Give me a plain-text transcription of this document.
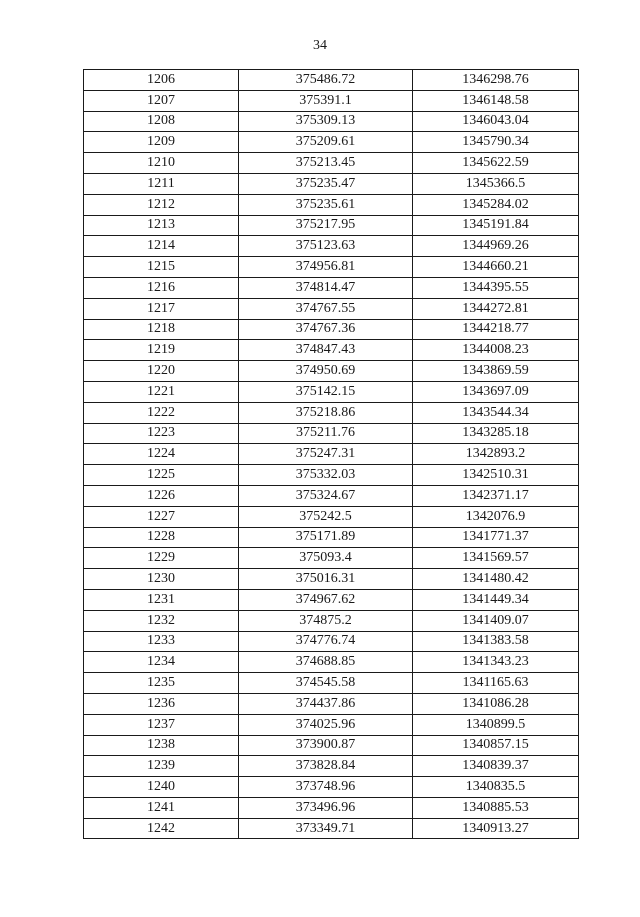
34
1206	375486.72	1346298.76
1207	375391.1	1346148.58
1208	375309.13	1346043.04
1209	375209.61	1345790.34
1210	375213.45	1345622.59
1211	375235.47	1345366.5
1212	375235.61	1345284.02
1213	375217.95	1345191.84
1214	375123.63	1344969.26
1215	374956.81	1344660.21
1216	374814.47	1344395.55
1217	374767.55	1344272.81
1218	374767.36	1344218.77
1219	374847.43	1344008.23
1220	374950.69	1343869.59
1221	375142.15	1343697.09
1222	375218.86	1343544.34
1223	375211.76	1343285.18
1224	375247.31	1342893.2
1225	375332.03	1342510.31
1226	375324.67	1342371.17
1227	375242.5	1342076.9
1228	375171.89	1341771.37
1229	375093.4	1341569.57
1230	375016.31	1341480.42
1231	374967.62	1341449.34
1232	374875.2	1341409.07
1233	374776.74	1341383.58
1234	374688.85	1341343.23
1235	374545.58	1341165.63
1236	374437.86	1341086.28
1237	374025.96	1340899.5
1238	373900.87	1340857.15
1239	373828.84	1340839.37
1240	373748.96	1340835.5
1241	373496.96	1340885.53
1242	373349.71	1340913.27
